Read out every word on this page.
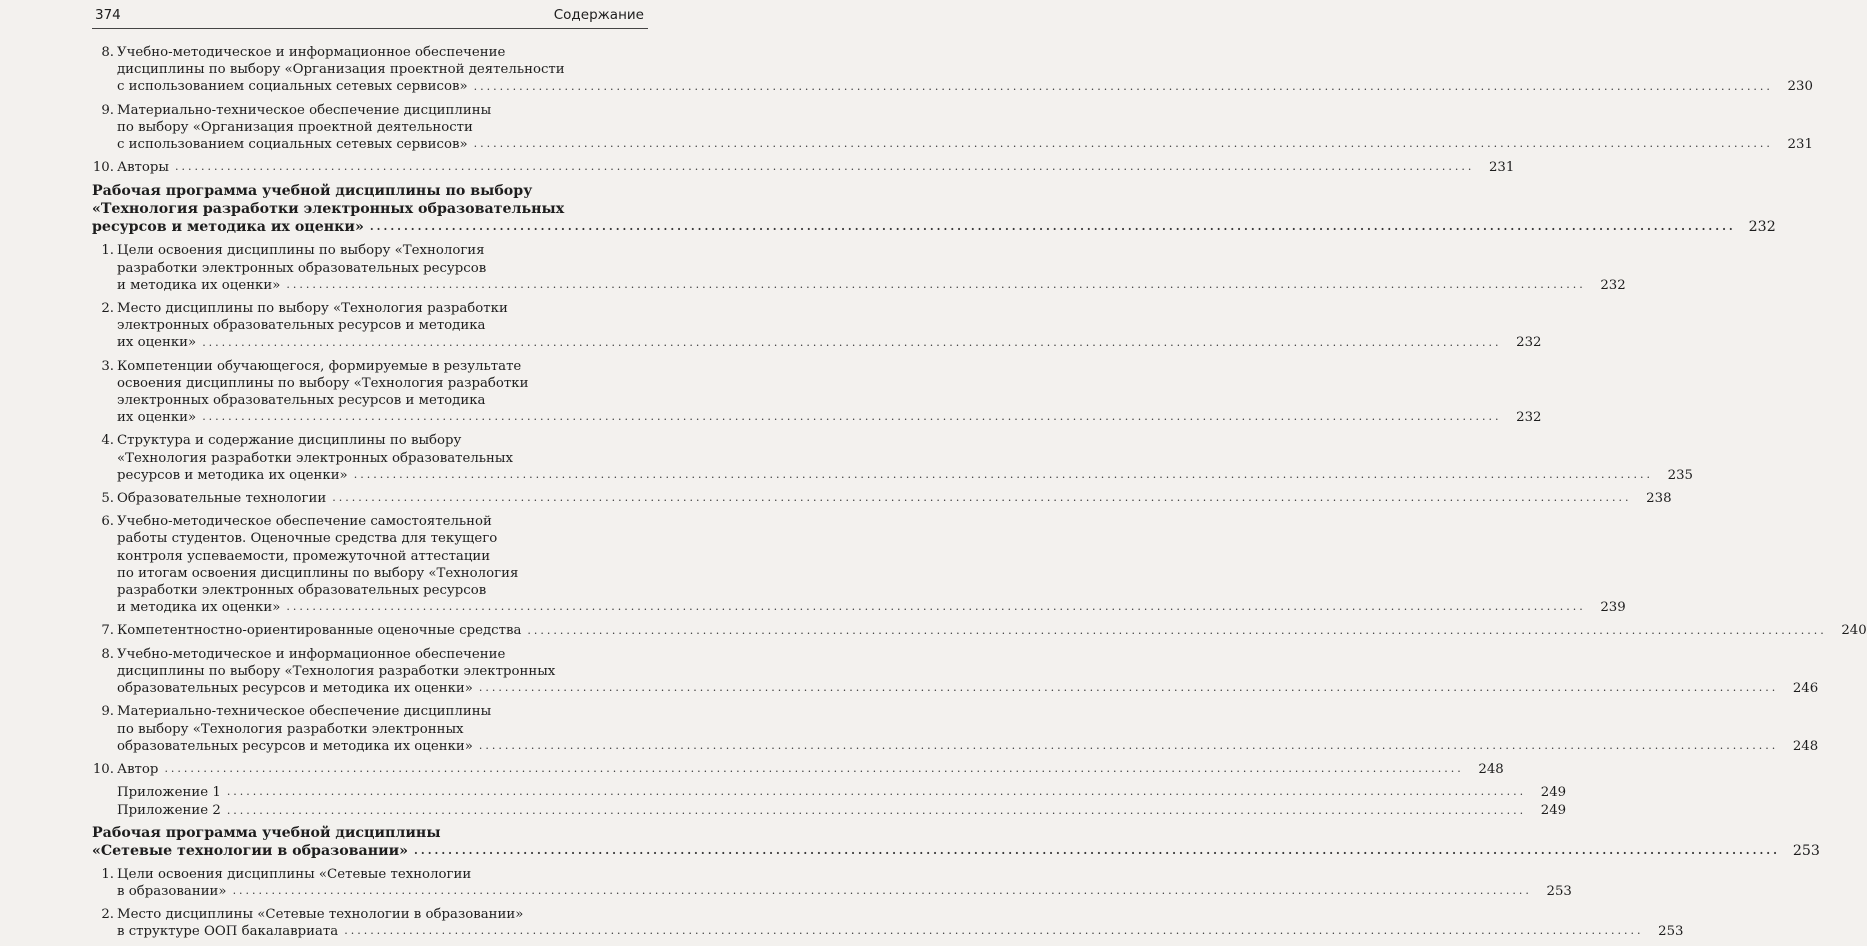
374	Содержание
8. Учебно-методическое и информационное обеспечение
дисциплины по выбору «Организация проектной деятельности
с использованием социальных сетевых сервисов» ........................................................................................................................................................................................................	230
9. Материально-техническое обеспечение дисциплины
по выбору «Организация проектной деятельности
с использованием социальных сетевых сервисов» ........................................................................................................................................................................................................	231
10. Авторы ........................................................................................................................................................................................................	231
Рабочая программа учебной дисциплины по выбору
«Технология разработки электронных образовательных
ресурсов и методика их оценки» ........................................................................................................................................................................................................ 232
1. Цели освоения дисциплины по выбору «Технология
разработки электронных образовательных ресурсов
и методика их оценки» ........................................................................................................................................................................................................	232
2. Место дисциплины по выбору «Технология разработки
электронных образовательных ресурсов и методика
их оценки» ........................................................................................................................................................................................................	232
3. Компетенции обучающегося, формируемые в результате
освоения дисциплины по выбору «Технология разработки
электронных образовательных ресурсов и методика
их оценки» ........................................................................................................................................................................................................	232
4. Структура и содержание дисциплины по выбору
«Технология разработки электронных образовательных
ресурсов и методика их оценки» ........................................................................................................................................................................................................	235
5. Образовательные технологии ........................................................................................................................................................................................................	238
6. Учебно-методическое обеспечение самостоятельной
работы студентов. Оценочные средства для текущего
контроля успеваемости, промежуточной аттестации
по итогам освоения дисциплины по выбору «Технология
разработки электронных образовательных ресурсов
и методика их оценки» ........................................................................................................................................................................................................	239
7. Компетентностно-ориентированные оценочные средства ........................................................................................................................................................................................................	240
8. Учебно-методическое и информационное обеспечение
дисциплины по выбору «Технология разработки электронных
образовательных ресурсов и методика их оценки» ........................................................................................................................................................................................................	246
9. Материально-техническое обеспечение дисциплины
по выбору «Технология разработки электронных
образовательных ресурсов и методика их оценки» ........................................................................................................................................................................................................	248
10. Автор ........................................................................................................................................................................................................	248
Приложение 1 ........................................................................................................................................................................................................	249
Приложение 2 ........................................................................................................................................................................................................	249
Рабочая программа учебной дисциплины
«Сетевые технологии в образовании» ........................................................................................................................................................................................................ 253
1. Цели освоения дисциплины «Сетевые технологии
в образовании» ........................................................................................................................................................................................................	253
2. Место дисциплины «Сетевые технологии в образовании»
в структуре ООП бакалавриата ........................................................................................................................................................................................................	253
